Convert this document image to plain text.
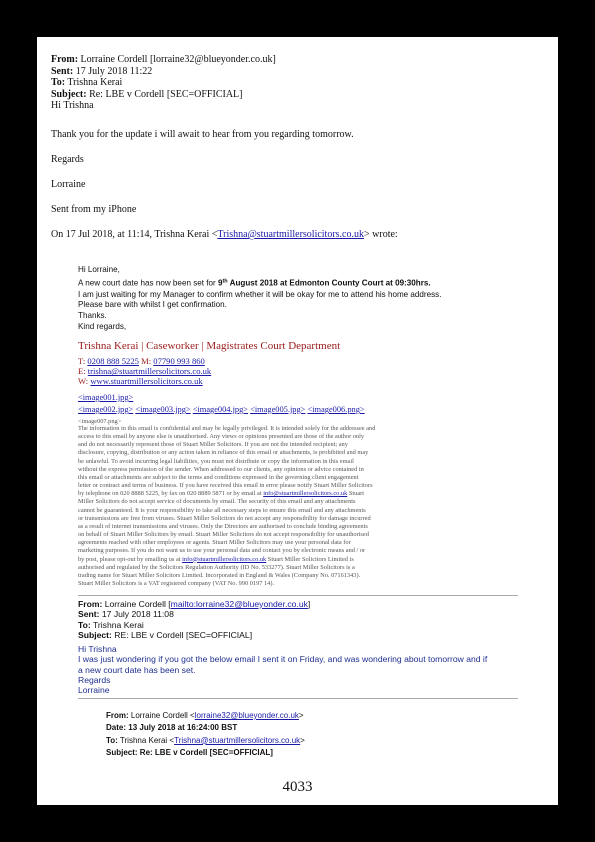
From: Lorraine Cordell [lorraine32@blueyonder.co.uk]
Sent: 17 July 2018 11:22
To: Trishna Kerai
Subject: Re: LBE v Cordell [SEC=OFFICIAL]
Hi Trishna
Thank you for the update i will await to hear from you regarding tomorrow.
Regards
Lorraine
Sent from my iPhone
On 17 Jul 2018, at 11:14, Trishna Kerai <Trishna@stuartmillersolicitors.co.uk> wrote:
Hi Lorraine,
A new court date has now been set for 9th August 2018 at Edmonton County Court at 09:30hrs.
I am just waiting for my Manager to confirm whether it will be okay for me to attend his home address.
Please bare with whilst I get confirmation.
Thanks.
Kind regards,
Trishna Kerai | Caseworker | Magistrates Court Department
T: 0208 888 5225 M: 07790 993 860
E: trishna@stuartmillersolicitors.co.uk
W: www.stuartmillersolicitors.co.uk
<image001.jpg>
<image002.jpg> <image003.jpg> <image004.jpg> <image005.jpg> <image006.png>
<image007.png>
The information in this email is confidential and may be legally privileged. It is intended solely for the addressee and
access to this email by anyone else is unauthorised. Any views or opinions presented are those of the author only
and do not necessarily represent those of Stuart Miller Solicitors. If you are not the intended recipient; any
disclosure, copying, distribution or any action taken in reliance of this email or attachments, is prohibited and may
be unlawful. To avoid incurring legal liabilities, you must not distribute or copy the information in this email
without the express permission of the sender. When addressed to our clients, any opinions or advice contained in
this email or attachments are subject to the terms and conditions expressed in the governing client engagement
letter or contract and terms of business. If you have received this email in error please notify Stuart Miller Solicitors
by telephone on 020 8888 5225, by fax on 020 8889 5871 or by email at info@stuartmillersolicitors.co.uk Stuart
Miller Solicitors do not accept service of documents by email. The security of this email and any attachments
cannot be guaranteed. It is your responsibility to take all necessary steps to ensure this email and any attachments
or transmissions are free from viruses. Stuart Miller Solicitors do not accept any responsibility for damage incurred
as a result of internet transmissions and viruses. Only the Directors are authorised to conclude binding agreements
on behalf of Stuart Miller Solicitors by email. Stuart Miller Solicitors do not accept responsibility for unauthorised
agreements reached with other employees or agents. Stuart Miller Solicitors may use your personal data for
marketing purposes. If you do not want us to use your personal data and contact you by electronic means and / or
by post, please opt-out by emailing us at info@stuartmillersolicitors.co.uk Stuart Miller Solicitors Limited is
authorised and regulated by the Solicitors Regulation Authority (ID No. 533277). Stuart Miller Solicitors is a
trading name for Stuart Miller Solicitors Limited. Incorporated in England & Wales (Company No. 07161343).
Stuart Miller Solicitors is a VAT registered company (VAT No. 990 0197 14).
From: Lorraine Cordell [mailto:lorraine32@blueyonder.co.uk]
Sent: 17 July 2018 11:08
To: Trishna Kerai
Subject: RE: LBE v Cordell [SEC=OFFICIAL]
Hi Trishna
I was just wondering if you got the below email I sent it on Friday, and was wondering about tomorrow and if
a new court date has been set.
Regards
Lorraine
From: Lorraine Cordell <lorraine32@blueyonder.co.uk>
Date: 13 July 2018 at 16:24:00 BST
To: Trishna Kerai <Trishna@stuartmillersolicitors.co.uk>
Subject: Re: LBE v Cordell [SEC=OFFICIAL]
4033
